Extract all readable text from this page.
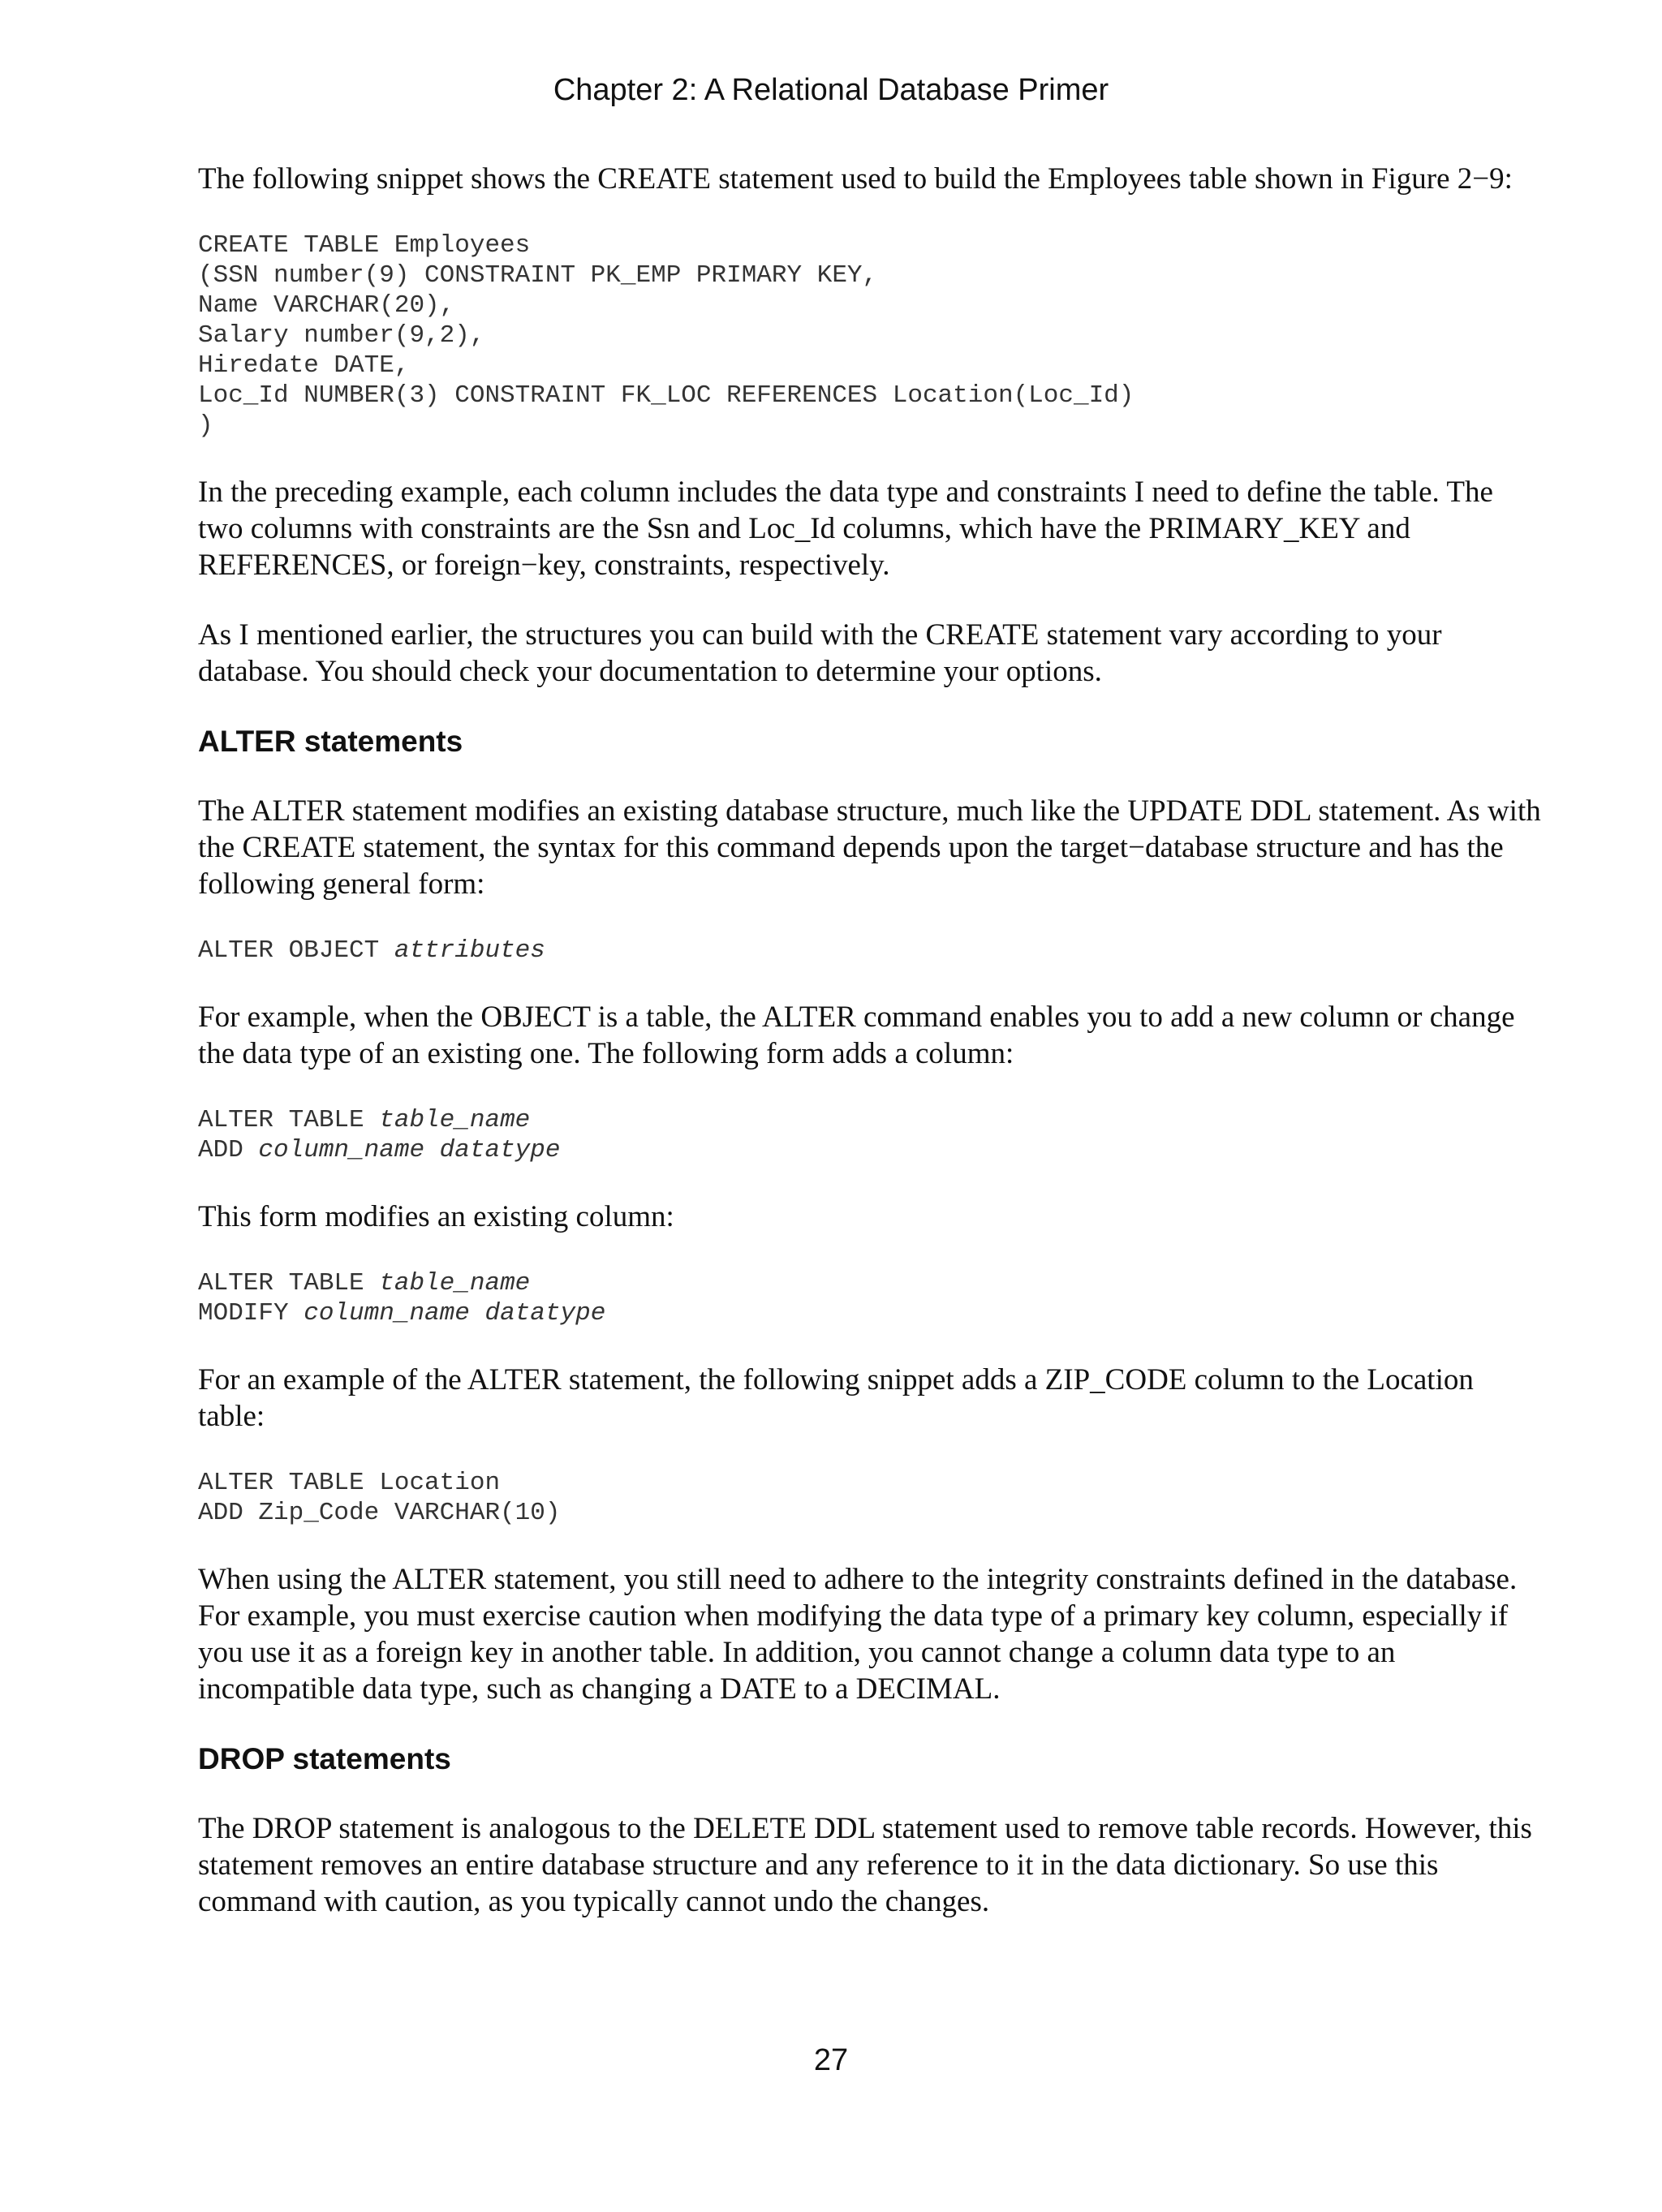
Chapter 2: A Relational Database Primer

The following snippet shows the CREATE statement used to build the Employees table shown in Figure 2−9:

CREATE TABLE Employees
(SSN number(9) CONSTRAINT PK_EMP PRIMARY KEY,
Name VARCHAR(20),
Salary number(9,2),
Hiredate DATE,
Loc_Id NUMBER(3) CONSTRAINT FK_LOC REFERENCES Location(Loc_Id)
)

In the preceding example, each column includes the data type and constraints I need to define the table. The two columns with constraints are the Ssn and Loc_Id columns, which have the PRIMARY_KEY and REFERENCES, or foreign−key, constraints, respectively.

As I mentioned earlier, the structures you can build with the CREATE statement vary according to your database. You should check your documentation to determine your options.

ALTER statements

The ALTER statement modifies an existing database structure, much like the UPDATE DDL statement. As with the CREATE statement, the syntax for this command depends upon the target−database structure and has the following general form:

ALTER OBJECT attributes

For example, when the OBJECT is a table, the ALTER command enables you to add a new column or change the data type of an existing one. The following form adds a column:

ALTER TABLE table_name
ADD column_name datatype

This form modifies an existing column:

ALTER TABLE table_name
MODIFY column_name datatype

For an example of the ALTER statement, the following snippet adds a ZIP_CODE column to the Location table:

ALTER TABLE Location
ADD Zip_Code VARCHAR(10)

When using the ALTER statement, you still need to adhere to the integrity constraints defined in the database. For example, you must exercise caution when modifying the data type of a primary key column, especially if you use it as a foreign key in another table. In addition, you cannot change a column data type to an incompatible data type, such as changing a DATE to a DECIMAL.

DROP statements

The DROP statement is analogous to the DELETE DDL statement used to remove table records. However, this statement removes an entire database structure and any reference to it in the data dictionary. So use this command with caution, as you typically cannot undo the changes.

27
